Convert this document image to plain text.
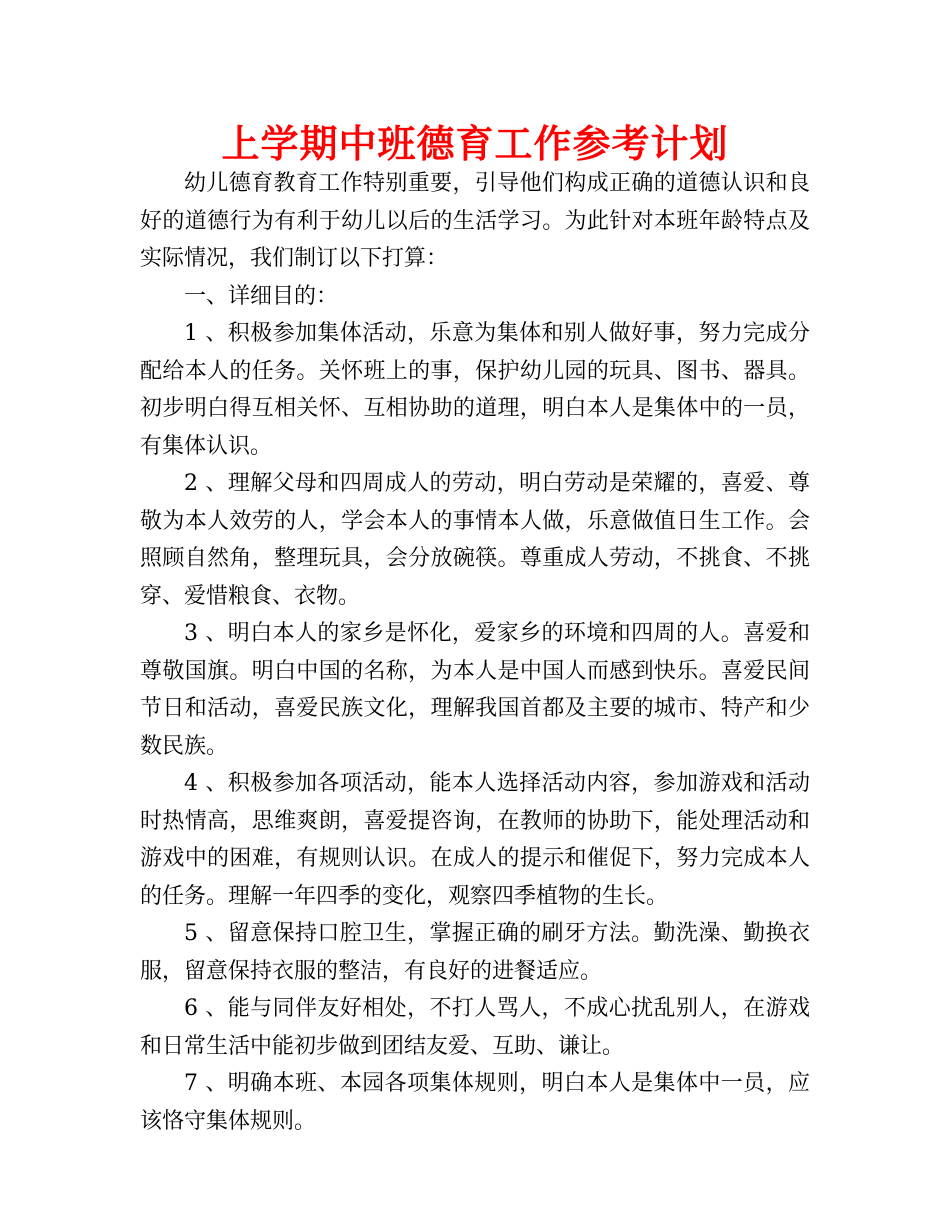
上学期中班德育工作参考计划

幼儿德育教育工作特别重要，引导他们构成正确的道德认识和良好的道德行为有利于幼儿以后的生活学习。为此针对本班年龄特点及实际情况，我们制订以下打算：

一、详细目的：

1 、积极参加集体活动，乐意为集体和别人做好事，努力完成分配给本人的任务。关怀班上的事，保护幼儿园的玩具、图书、器具。初步明白得互相关怀、互相协助的道理，明白本人是集体中的一员，有集体认识。

2 、理解父母和四周成人的劳动，明白劳动是荣耀的，喜爱、尊敬为本人效劳的人，学会本人的事情本人做，乐意做值日生工作。会照顾自然角，整理玩具，会分放碗筷。尊重成人劳动，不挑食、不挑穿、爱惜粮食、衣物。

3 、明白本人的家乡是怀化，爱家乡的环境和四周的人。喜爱和尊敬国旗。明白中国的名称，为本人是中国人而感到快乐。喜爱民间节日和活动，喜爱民族文化，理解我国首都及主要的城市、特产和少数民族。

4 、积极参加各项活动，能本人选择活动内容，参加游戏和活动时热情高，思维爽朗，喜爱提咨询，在教师的协助下，能处理活动和游戏中的困难，有规则认识。在成人的提示和催促下，努力完成本人的任务。理解一年四季的变化，观察四季植物的生长。

5 、留意保持口腔卫生，掌握正确的刷牙方法。勤洗澡、勤换衣服，留意保持衣服的整洁，有良好的进餐适应。

6 、能与同伴友好相处，不打人骂人，不成心扰乱别人，在游戏和日常生活中能初步做到团结友爱、互助、谦让。

7 、明确本班、本园各项集体规则，明白本人是集体中一员，应该恪守集体规则。
